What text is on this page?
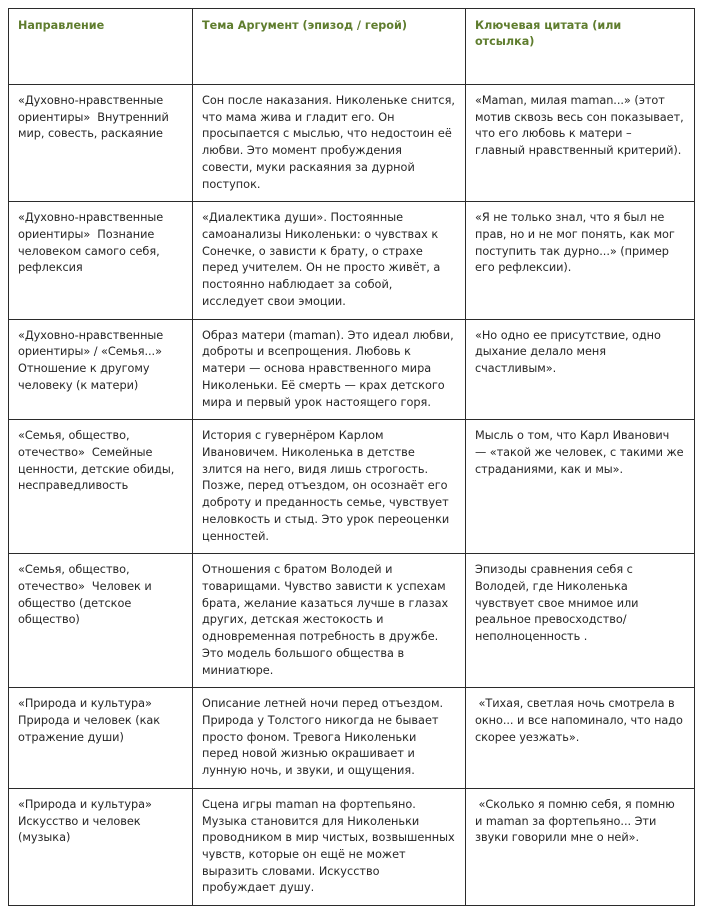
Направление	Тема Аргумент (эпизод / герой)	Ключевая цитата (или отсылка)

«Духовно-нравственные ориентиры»  Внутренний мир, совесть, раскаяние	Сон после наказания. Николеньке снится, что мама жива и гладит его. Он просыпается с мыслью, что недостоин её любви. Это момент пробуждения совести, муки раскаяния за дурной поступок.	«Maman, милая maman...» (этот мотив сквозь весь сон показывает, что его любовь к матери – главный нравственный критерий).

«Духовно-нравственные ориентиры»  Познание человеком самого себя, рефлексия	«Диалектика души». Постоянные самоанализы Николеньки: о чувствах к Сонечке, о зависти к брату, о страхе перед учителем. Он не просто живёт, а постоянно наблюдает за собой, исследует свои эмоции.	«Я не только знал, что я был не прав, но и не мог понять, как мог поступить так дурно...» (пример его рефлексии).

«Духовно-нравственные ориентиры» / «Семья...» Отношение к другому человеку (к матери)	Образ матери (maman). Это идеал любви, доброты и всепрощения. Любовь к матери — основа нравственного мира Николеньки. Её смерть — крах детского мира и первый урок настоящего горя.	«Но одно ее присутствие, одно дыхание делало меня счастливым».

«Семья, общество, отечество»  Семейные ценности, детские обиды, несправедливость	История с гувернёром Карлом Ивановичем. Николенька в детстве злится на него, видя лишь строгость. Позже, перед отъездом, он осознаёт его доброту и преданность семье, чувствует неловкость и стыд. Это урок переоценки ценностей.	Мысль о том, что Карл Иванович — «такой же человек, с такими же страданиями, как и мы».

«Семья, общество, отечество»  Человек и общество (детское общество)	Отношения с братом Володей и товарищами. Чувство зависти к успехам брата, желание казаться лучше в глазах других, детская жестокость и одновременная потребность в дружбе. Это модель большого общества в миниатюре.	Эпизоды сравнения себя с Володей, где Николенька чувствует свое мнимое или реальное превосходство/неполноценность .

«Природа и культура» Природа и человек (как отражение души)	Описание летней ночи перед отъездом. Природа у Толстого никогда не бывает просто фоном. Тревога Николеньки перед новой жизнью окрашивает и лунную ночь, и звуки, и ощущения.	«Тихая, светлая ночь смотрела в окно... и все напоминало, что надо скорее уезжать».

«Природа и культура» Искусство и человек (музыка)	Сцена игры maman на фортепьяно. Музыка становится для Николеньки проводником в мир чистых, возвышенных чувств, которые он ещё не может выразить словами. Искусство пробуждает душу.	«Сколько я помню себя, я помню и maman за фортепьяно... Эти звуки говорили мне о ней».
